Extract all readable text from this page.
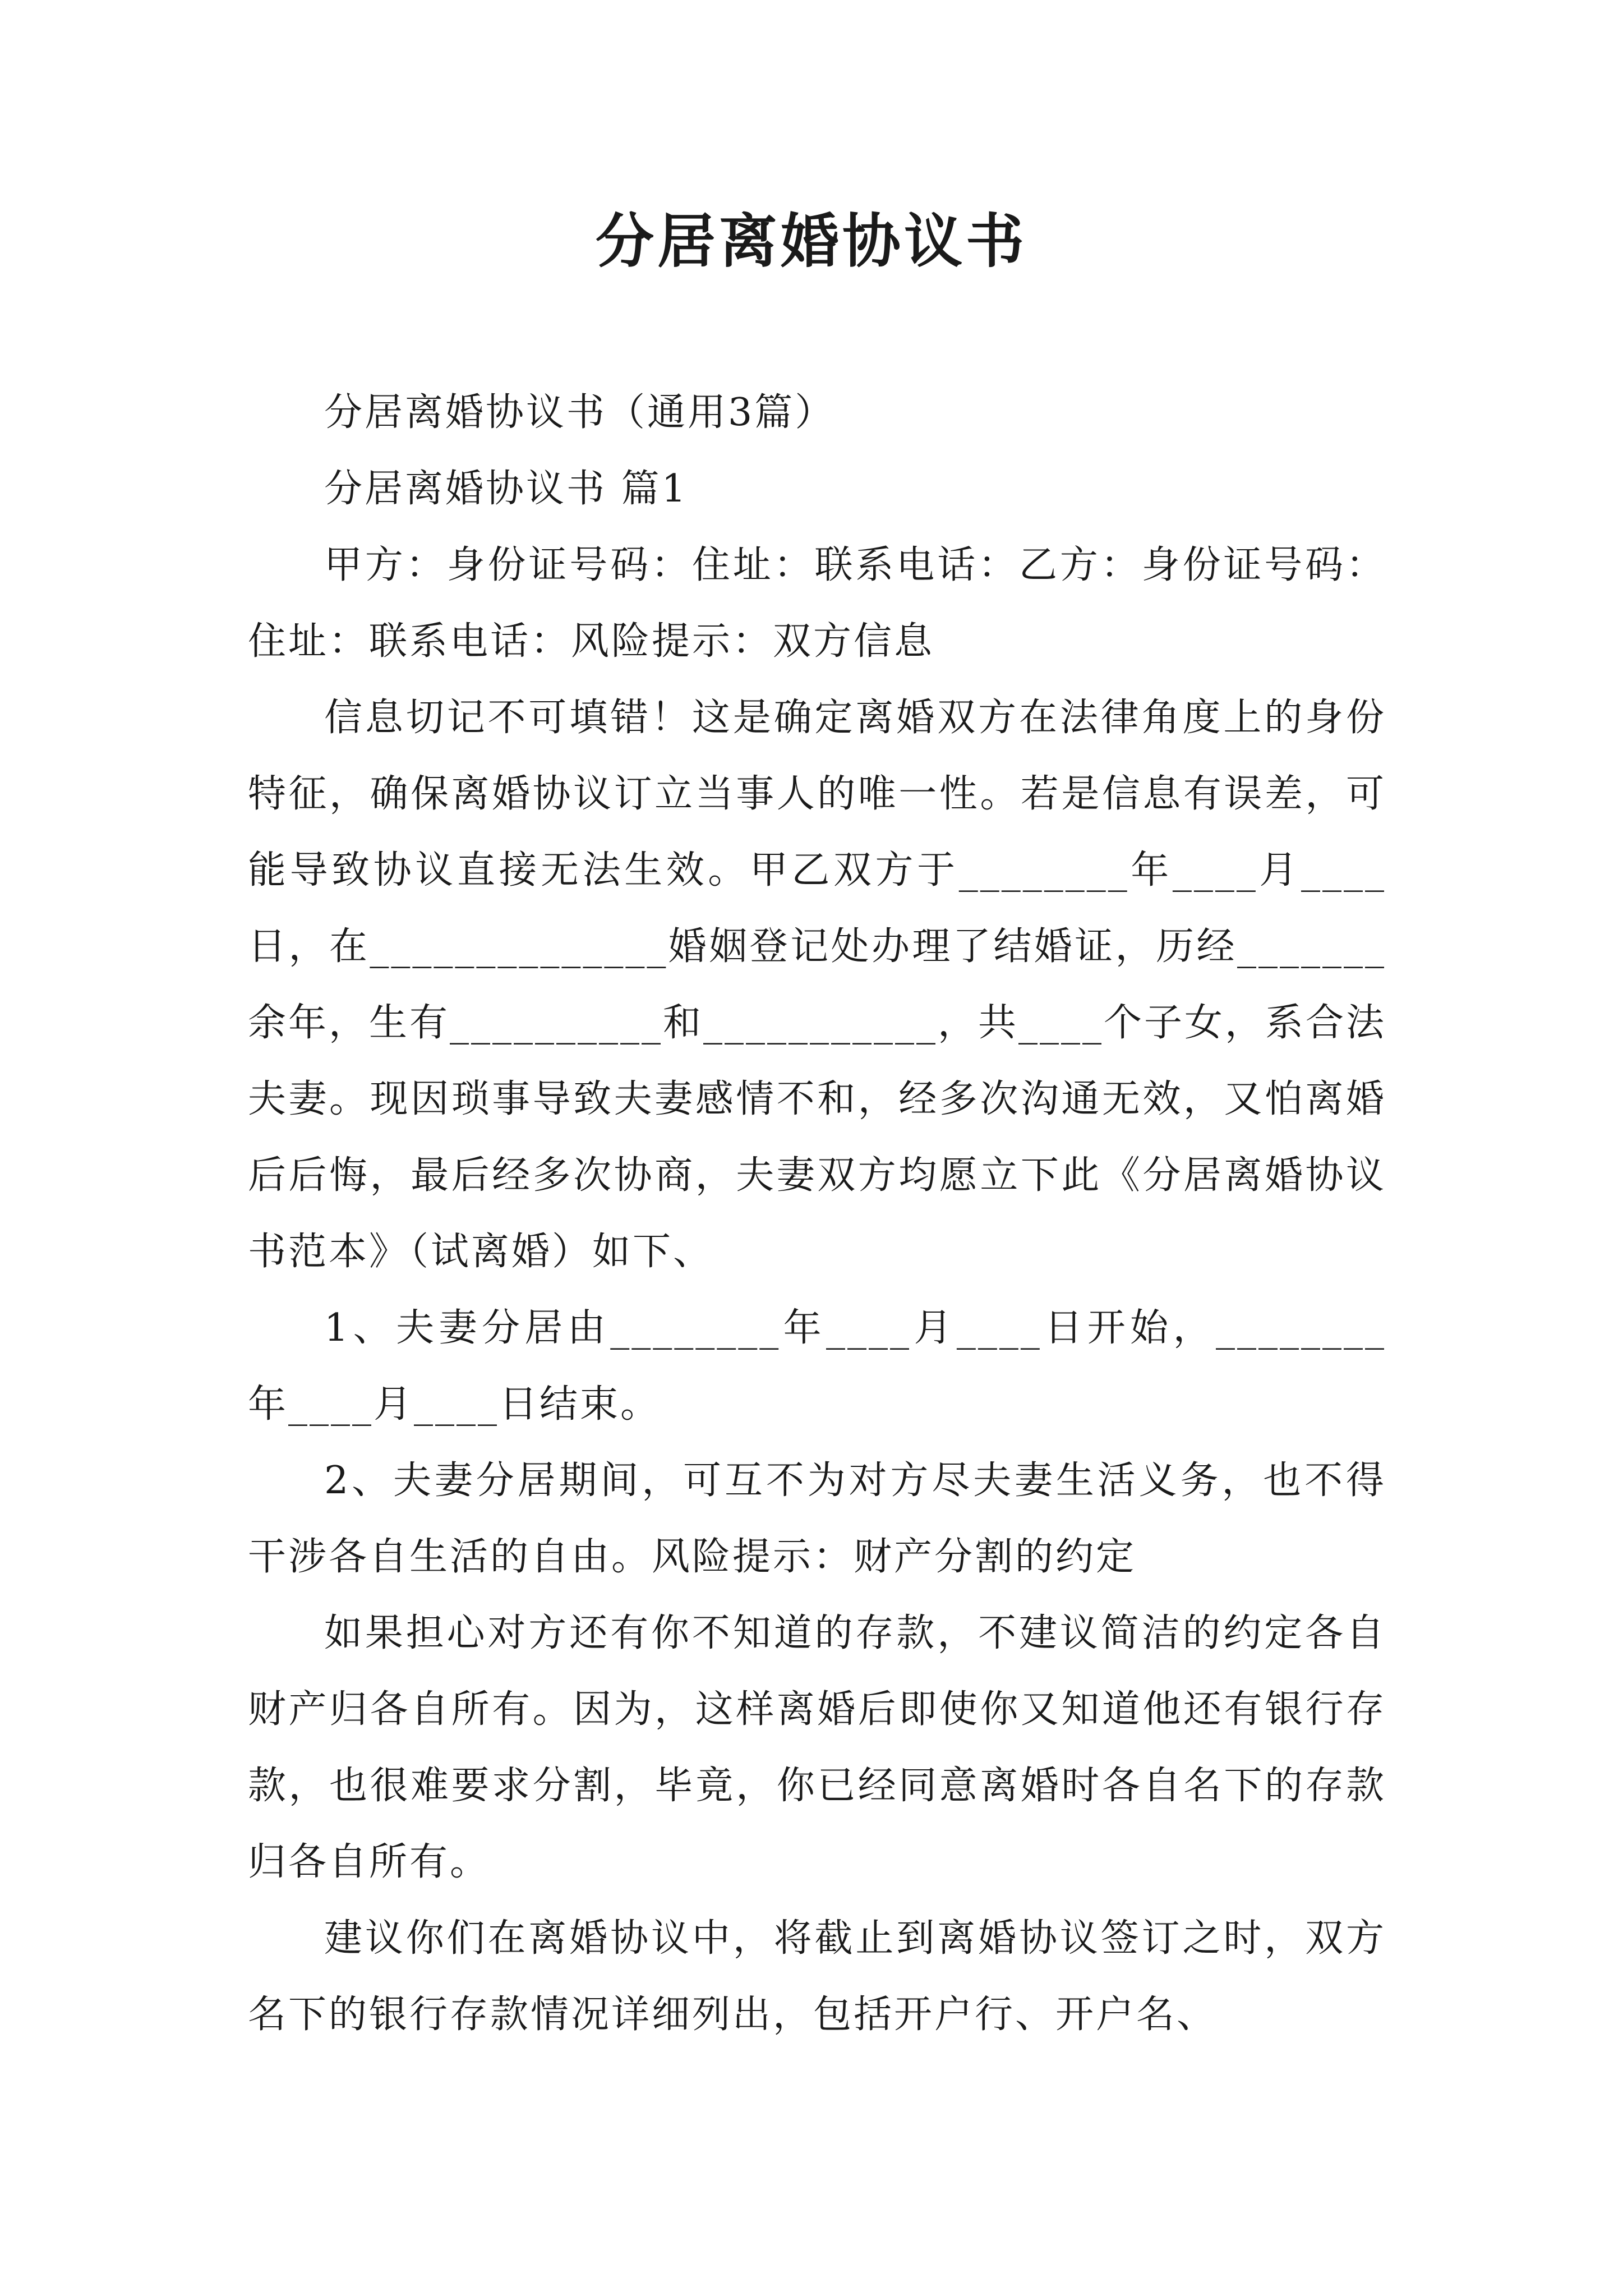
分居离婚协议书

分居离婚协议书（通用3篇）

分居离婚协议书 篇1

甲方：身份证号码：住址：联系电话：乙方：身份证号码：住址：联系电话：风险提示：双方信息

信息切记不可填错！这是确定离婚双方在法律角度上的身份特征，确保离婚协议订立当事人的唯一性。若是信息有误差，可能导致协议直接无法生效。甲乙双方于________年____月____日，在______________婚姻登记处办理了结婚证，历经_______余年，生有__________和___________，共____个子女，系合法夫妻。现因琐事导致夫妻感情不和，经多次沟通无效，又怕离婚后后悔，最后经多次协商，夫妻双方均愿立下此《分居离婚协议书范本》（试离婚）如下、

1、夫妻分居由________年____月____日开始，________年____月____日结束。

2、夫妻分居期间，可互不为对方尽夫妻生活义务，也不得干涉各自生活的自由。风险提示：财产分割的约定

如果担心对方还有你不知道的存款，不建议简洁的约定各自财产归各自所有。因为，这样离婚后即使你又知道他还有银行存款，也很难要求分割，毕竟，你已经同意离婚时各自名下的存款归各自所有。

建议你们在离婚协议中，将截止到离婚协议签订之时，双方名下的银行存款情况详细列出，包括开户行、开户名、
